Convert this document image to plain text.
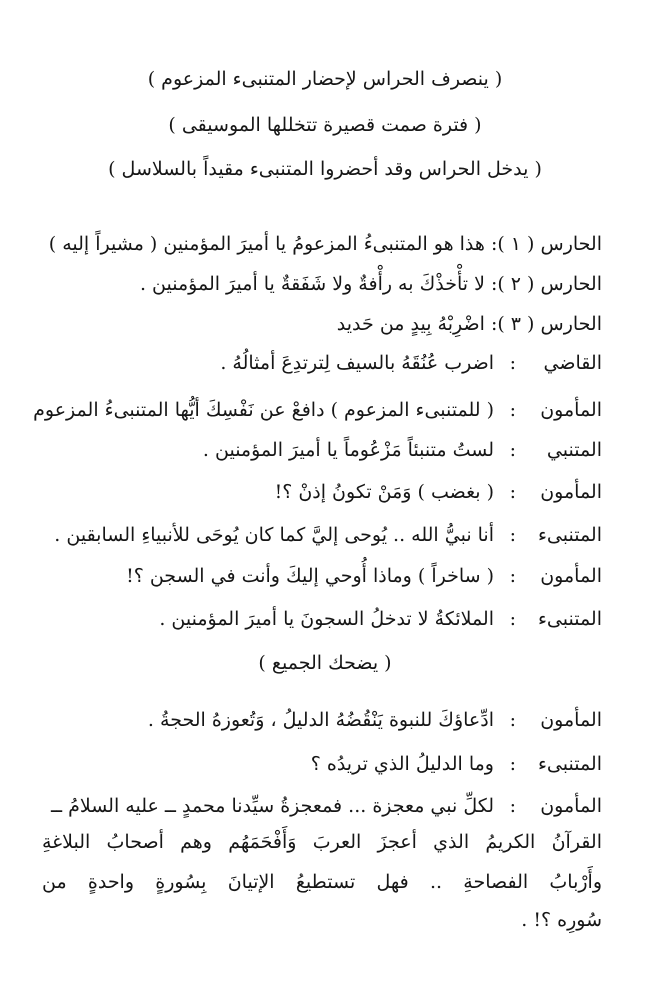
( ينصرف الحراس لإحضار المتنبىء المزعوم )
( فترة صمت قصيرة تتخللها الموسيقى )
( يدخل الحراس وقد أحضروا المتنبىء مقيداً بالسلاسل )
الحارس ( ١ ): هذا هو المتنبىءُ المزعومُ يا أميرَ المؤمنين ( مشيراً إليه )
الحارس ( ٢ ): لا تأْخذْكَ به رأْفةٌ ولا شَفَقةٌ يا أميرَ المؤمنين .
الحارس ( ٣ ): اضْرِبْهُ بِيدٍ من حَديد
القاضي
:
اضرب عُنُقَهُ بالسيف لِترتدِعَ أمثالُهُ .
المأمون
:
( للمتنبىء المزعوم ) دافعْ عن نَفْسِكَ أيُّها المتنبىءُ المزعوم
المتنبي
:
لستُ متنبئاً مَزْعُوماً يا أميرَ المؤمنين .
المأمون
:
( بغضب ) وَمَنْ تكونُ إذنْ ؟!
المتنبىء
:
أنا نبيُّ الله .. يُوحى إليَّ كما كان يُوحَى للأنبياءِ السابقين .
المأمون
:
( ساخراً ) وماذا أُوحي إليكَ وأنت في السجن ؟!
المتنبىء
:
الملائكةُ لا تدخلُ السجونَ يا أميرَ المؤمنين .
( يضحك الجميع )
المأمون
:
ادِّعاؤكَ للنبوة يَنْقُضُهُ الدليلُ ، وَتُعوزهُ الحجةُ .
المتنبىء
:
وما الدليلُ الذي تريدُه ؟
المأمون
:
لكلِّ نبي معجزة ... فمعجزةُ سيِّدنا محمدٍ ــ عليه السلامُ ــ
القرآنُ الكريمُ الذي أعجزَ العربَ وَأَفْحَمَهُم وهم أصحابُ البلاغةِ
وأَرْبابُ الفصاحةِ .. فهل تستطيعُ الإتيانَ بِسُورةٍ واحدةٍ من
سُورِه ؟! .
